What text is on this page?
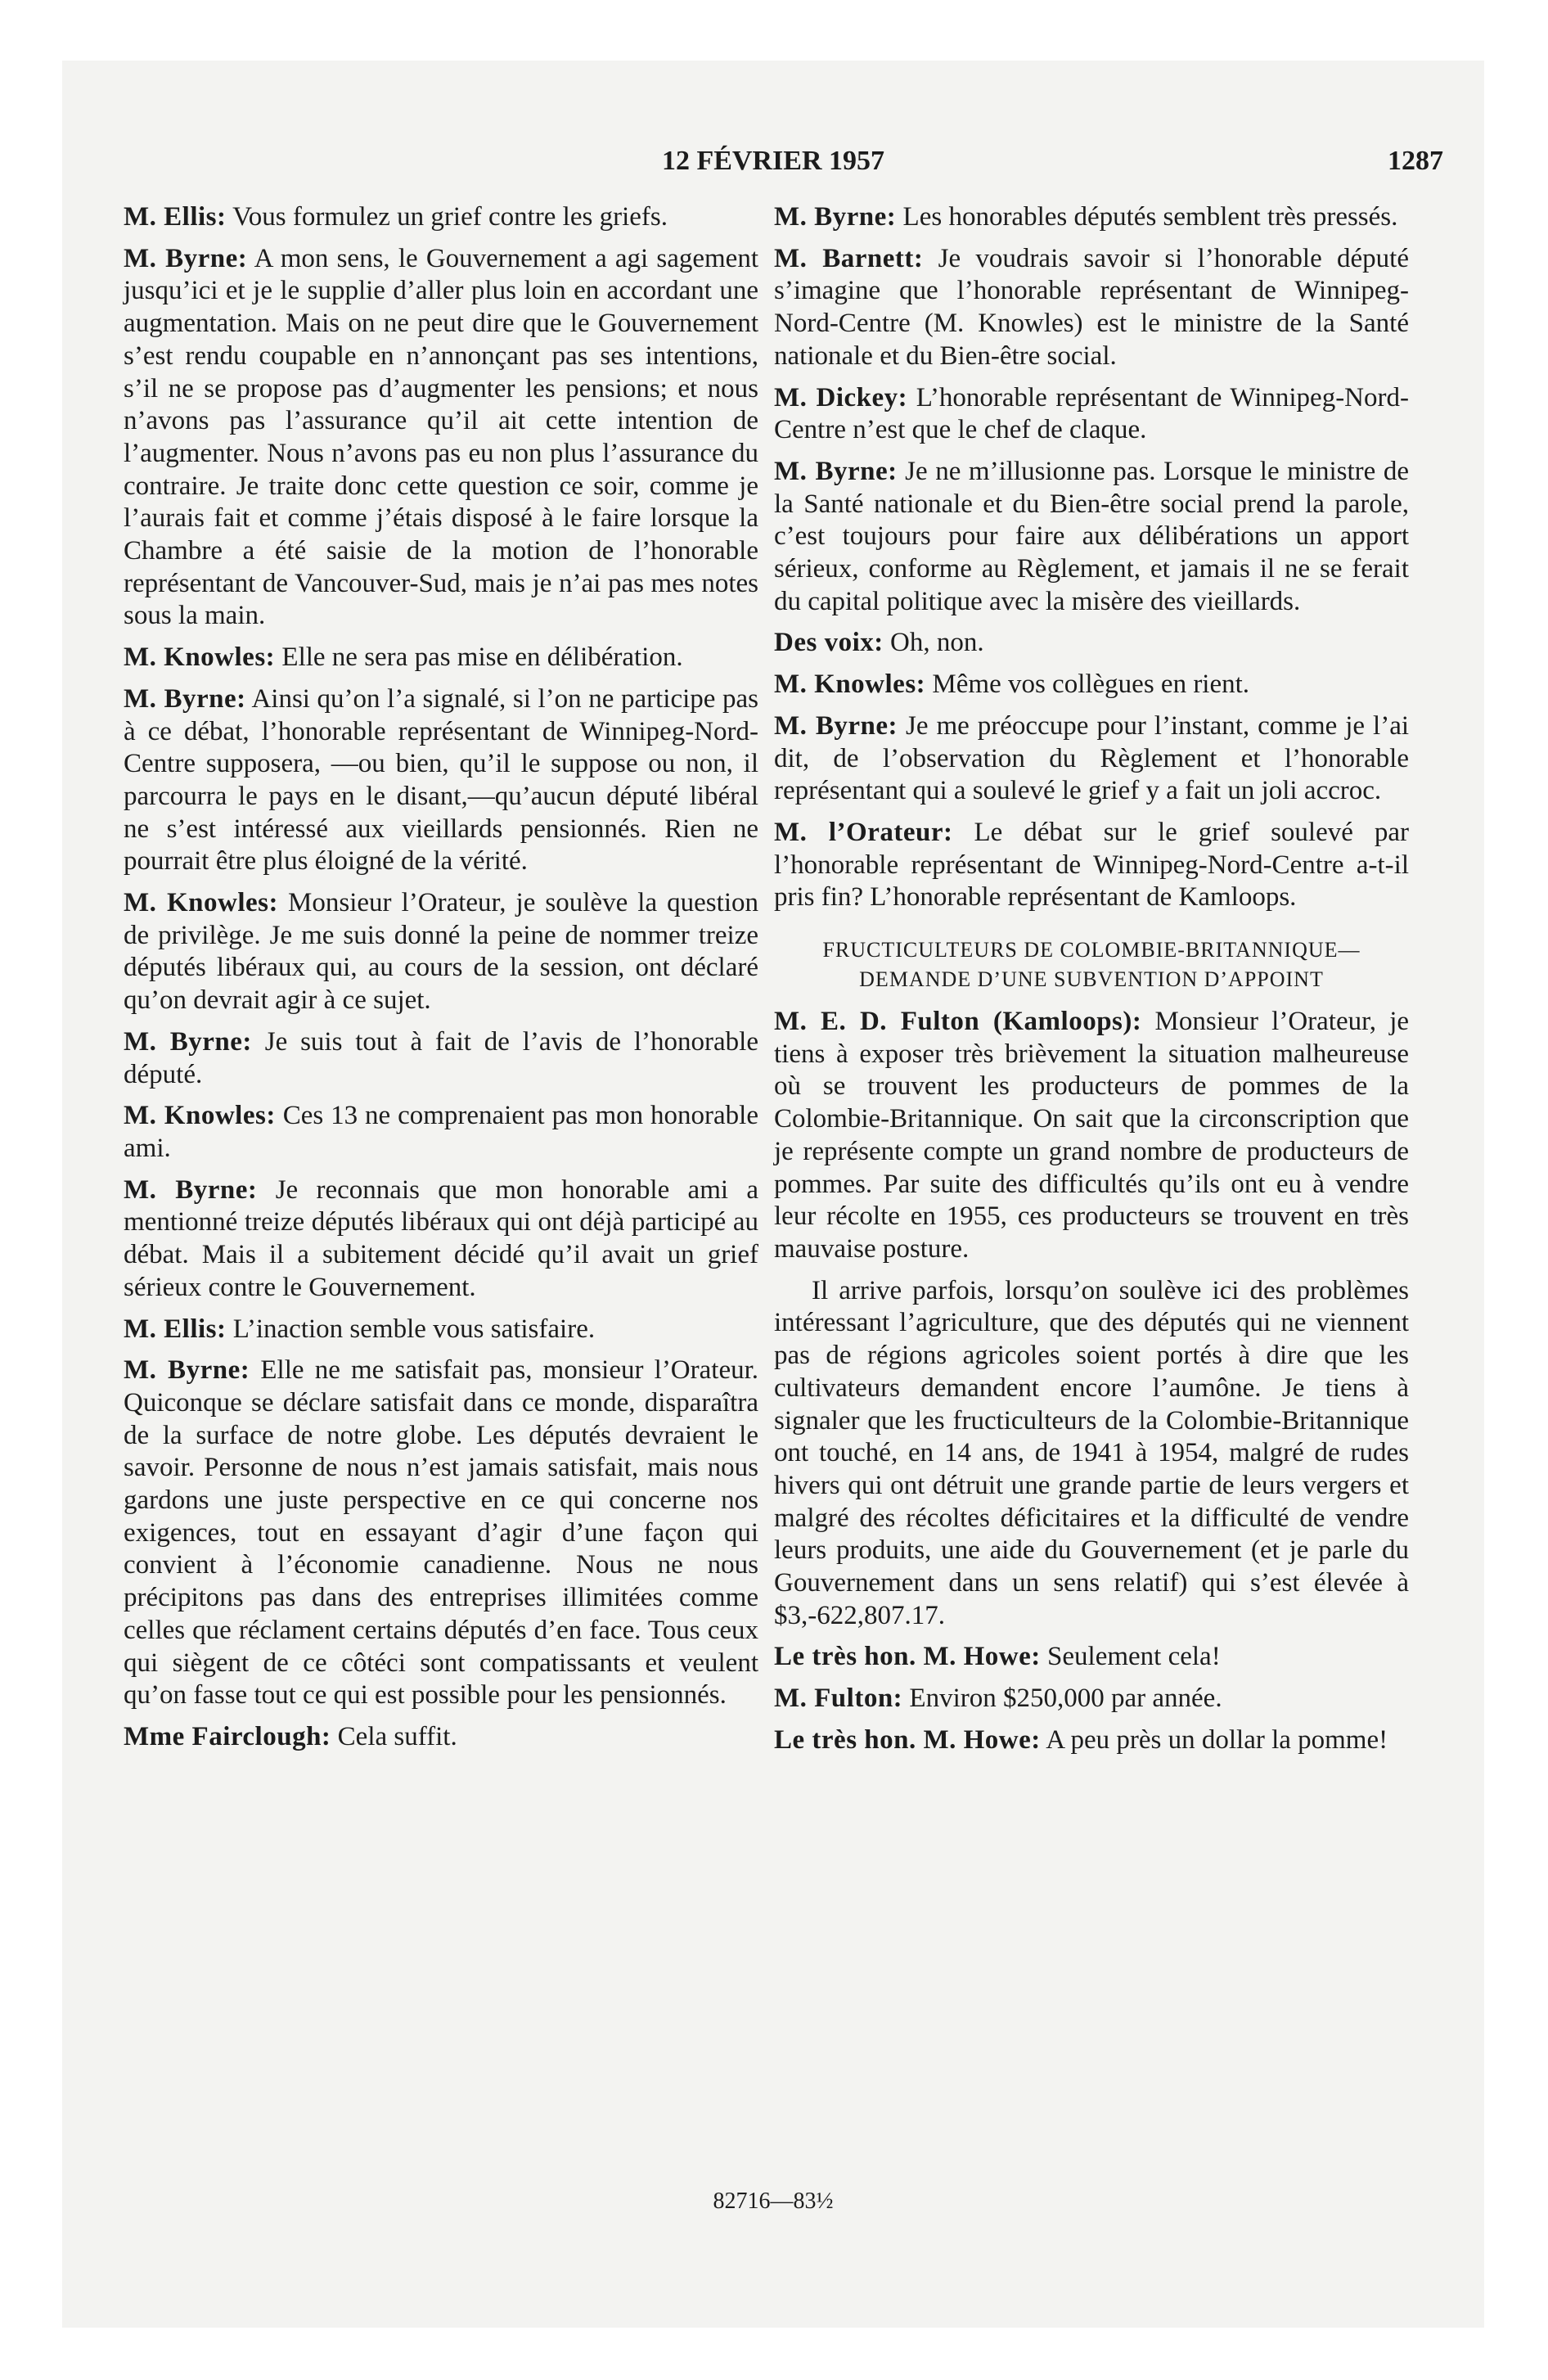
12 FÉVRIER 1957	1287

M. Ellis: Vous formulez un grief contre les griefs.

M. Byrne: A mon sens, le Gouvernement a agi sagement jusqu’ici et je le supplie d’aller plus loin en accordant une augmentation. Mais on ne peut dire que le Gouvernement s’est rendu coupable en n’annonçant pas ses intentions, s’il ne se propose pas d’augmenter les pensions; et nous n’avons pas l’assurance qu’il ait cette intention de l’augmenter. Nous n’avons pas eu non plus l’assurance du contraire. Je traite donc cette question ce soir, comme je l’aurais fait et comme j’étais disposé à le faire lorsque la Chambre a été saisie de la motion de l’honorable représentant de Vancouver-Sud, mais je n’ai pas mes notes sous la main.

M. Knowles: Elle ne sera pas mise en délibération.

M. Byrne: Ainsi qu’on l’a signalé, si l’on ne participe pas à ce débat, l’honorable représentant de Winnipeg-Nord-Centre supposera, —ou bien, qu’il le suppose ou non, il parcourra le pays en le disant,—qu’aucun député libéral ne s’est intéressé aux vieillards pensionnés. Rien ne pourrait être plus éloigné de la vérité.

M. Knowles: Monsieur l’Orateur, je soulève la question de privilège. Je me suis donné la peine de nommer treize députés libéraux qui, au cours de la session, ont déclaré qu’on devrait agir à ce sujet.

M. Byrne: Je suis tout à fait de l’avis de l’honorable député.

M. Knowles: Ces 13 ne comprenaient pas mon honorable ami.

M. Byrne: Je reconnais que mon honorable ami a mentionné treize députés libéraux qui ont déjà participé au débat. Mais il a subitement décidé qu’il avait un grief sérieux contre le Gouvernement.

M. Ellis: L’inaction semble vous satisfaire.

M. Byrne: Elle ne me satisfait pas, monsieur l’Orateur. Quiconque se déclare satisfait dans ce monde, disparaîtra de la surface de notre globe. Les députés devraient le savoir. Personne de nous n’est jamais satisfait, mais nous gardons une juste perspective en ce qui concerne nos exigences, tout en essayant d’agir d’une façon qui convient à l’économie canadienne. Nous ne nous précipitons pas dans des entreprises illimitées comme celles que réclament certains députés d’en face. Tous ceux qui siègent de ce côtéci sont compatissants et veulent qu’on fasse tout ce qui est possible pour les pensionnés.

Mme Fairclough: Cela suffit.

M. Byrne: Les honorables députés semblent très pressés.

M. Barnett: Je voudrais savoir si l’honorable député s’imagine que l’honorable représentant de Winnipeg-Nord-Centre (M. Knowles) est le ministre de la Santé nationale et du Bien-être social.

M. Dickey: L’honorable représentant de Winnipeg-Nord-Centre n’est que le chef de claque.

M. Byrne: Je ne m’illusionne pas. Lorsque le ministre de la Santé nationale et du Bien-être social prend la parole, c’est toujours pour faire aux délibérations un apport sérieux, conforme au Règlement, et jamais il ne se ferait du capital politique avec la misère des vieillards.

Des voix: Oh, non.

M. Knowles: Même vos collègues en rient.

M. Byrne: Je me préoccupe pour l’instant, comme je l’ai dit, de l’observation du Règlement et l’honorable représentant qui a soulevé le grief y a fait un joli accroc.

M. l’Orateur: Le débat sur le grief soulevé par l’honorable représentant de Winnipeg-Nord-Centre a-t-il pris fin? L’honorable représentant de Kamloops.

FRUCTICULTEURS DE COLOMBIE-BRITANNIQUE—
DEMANDE D’UNE SUBVENTION D’APPOINT

M. E. D. Fulton (Kamloops): Monsieur l’Orateur, je tiens à exposer très brièvement la situation malheureuse où se trouvent les producteurs de pommes de la Colombie-Britannique. On sait que la circonscription que je représente compte un grand nombre de producteurs de pommes. Par suite des difficultés qu’ils ont eu à vendre leur récolte en 1955, ces producteurs se trouvent en très mauvaise posture.

Il arrive parfois, lorsqu’on soulève ici des problèmes intéressant l’agriculture, que des députés qui ne viennent pas de régions agricoles soient portés à dire que les cultivateurs demandent encore l’aumône. Je tiens à signaler que les fructiculteurs de la Colombie-Britannique ont touché, en 14 ans, de 1941 à 1954, malgré de rudes hivers qui ont détruit une grande partie de leurs vergers et malgré des récoltes déficitaires et la difficulté de vendre leurs produits, une aide du Gouvernement (et je parle du Gouvernement dans un sens relatif) qui s’est élevée à $3,-622,807.17.

Le très hon. M. Howe: Seulement cela!

M. Fulton: Environ $250,000 par année.

Le très hon. M. Howe: A peu près un dollar la pomme!

82716—83½
